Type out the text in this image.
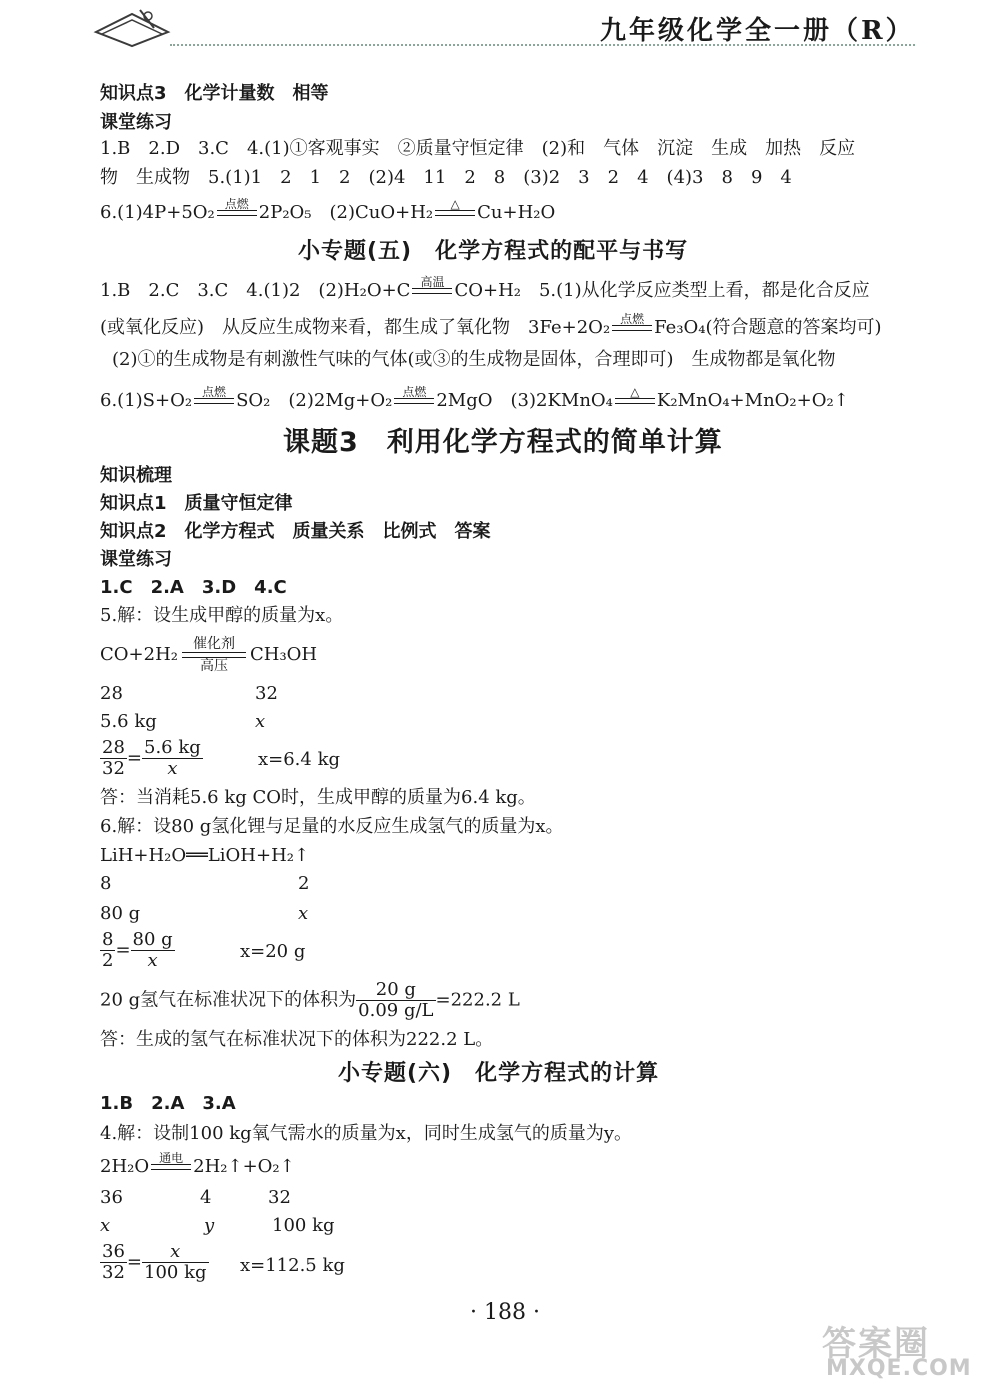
九年级化学全一册（R）
知识点3　化学计量数　相等
课堂练习
1.B　2.D　3.C　4.(1)①客观事实　②质量守恒定律　(2)和　气体　沉淀　生成　加热　反应
物　生成物　5.(1)1　2　1　2　(2)4　11　2　8　(3)2　3　2　4　(4)3　8　9　4
6.(1)4P+5O₂ 点燃 2P₂O₅　(2)CuO+H₂	△ Cu+H₂O
小专题(五)　化学方程式的配平与书写
1.B　2.C　3.C　4.(1)2　(2)H₂O+C 高温 CO+H₂　5.(1)从化学反应类型上看，都是化合反应
(或氧化反应)　从反应生成物来看，都生成了氧化物　3Fe+2O₂ 点燃 Fe₃O₄(符合题意的答案均可)
(2)①的生成物是有刺激性气味的气体(或③的生成物是固体，合理即可)　生成物都是氧化物
6.(1)S+O₂ 点燃 SO₂　(2)2Mg+O₂ 点燃 2MgO　(3)2KMnO₄	△ K₂MnO₄+MnO₂+O₂↑
课题3　利用化学方程式的简单计算
知识梳理
知识点1　质量守恒定律
知识点2　化学方程式　质量关系　比例式　答案
课堂练习
1.C　2.A　3.D　4.C
5.解：设生成甲醇的质量为x。
CO+2H₂	催化剂
高压
CH₃OH
28	32
5.6 kg	x
$\frac{28}{32} = \frac{5.6 kg}{x}$	x=6.4 kg
答：当消耗5.6 kg CO时，生成甲醇的质量为6.4 kg。
6.解：设80 g氢化锂与足量的水反应生成氢气的质量为x。
LiH+H₂O══LiOH+H₂↑
8	2
80 g	x
$\frac{8}{2} = \frac{80 g}{x}$	x=20 g
20 g氢气在标准状况下的体积为 $\frac{20 g}{0.09 g/L} =222.2$ L
答：生成的氢气在标准状况下的体积为222.2 L。
小专题(六)　化学方程式的计算
1.B　2.A　3.A
4.解：设制100 kg氧气需水的质量为x，同时生成氢气的质量为y。
2H₂O 通电 2H₂↑+O₂↑
36	4	32
x	y	100 kg
$\frac{36}{32} = \frac{x}{100 kg} x=112.5$ kg
· 188 ·
答案圈
MXQE.COM
